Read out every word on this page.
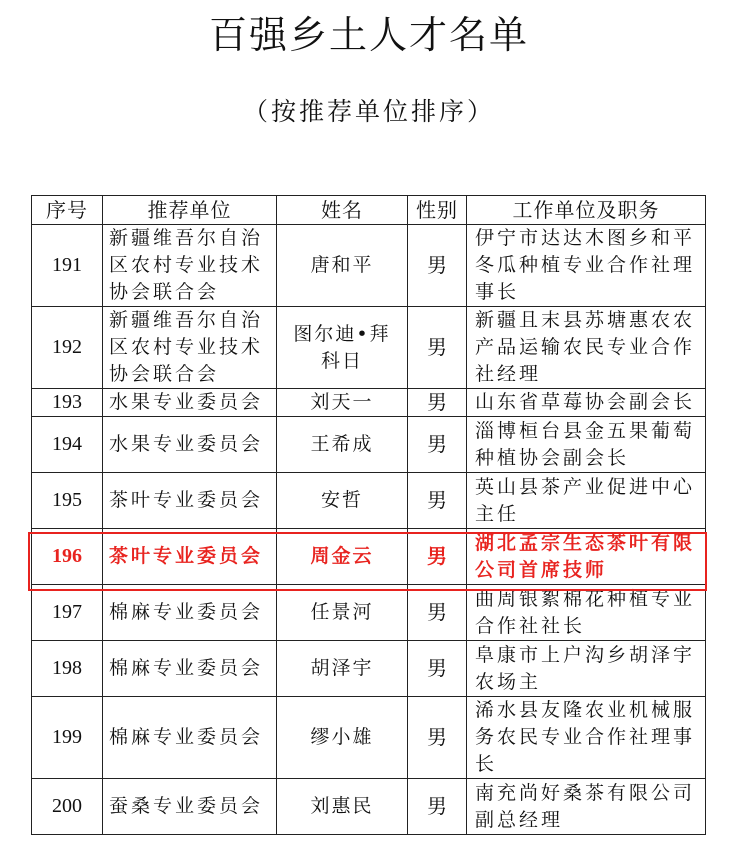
百强乡土人才名单
（按推荐单位排序）
序号	推荐单位	姓名	性别	工作单位及职务
191	新疆维吾尔自治区农村专业技术协会联合会	唐和平	男	伊宁市达达木图乡和平冬瓜种植专业合作社理事长
192	新疆维吾尔自治区农村专业技术协会联合会	图尔迪•拜科日	男	新疆且末县苏塘惠农农产品运输农民专业合作社经理
193	水果专业委员会	刘天一	男	山东省草莓协会副会长
194	水果专业委员会	王希成	男	淄博桓台县金五果葡萄种植协会副会长
195	茶叶专业委员会	安哲	男	英山县茶产业促进中心主任
196	茶叶专业委员会	周金云	男	湖北孟宗生态茶叶有限公司首席技师
197	棉麻专业委员会	任景河	男	曲周银絮棉花种植专业合作社社长
198	棉麻专业委员会	胡泽宇	男	阜康市上户沟乡胡泽宇农场主
199	棉麻专业委员会	缪小雄	男	浠水县友隆农业机械服务农民专业合作社理事长
200	蚕桑专业委员会	刘惠民	男	南充尚好桑茶有限公司副总经理
